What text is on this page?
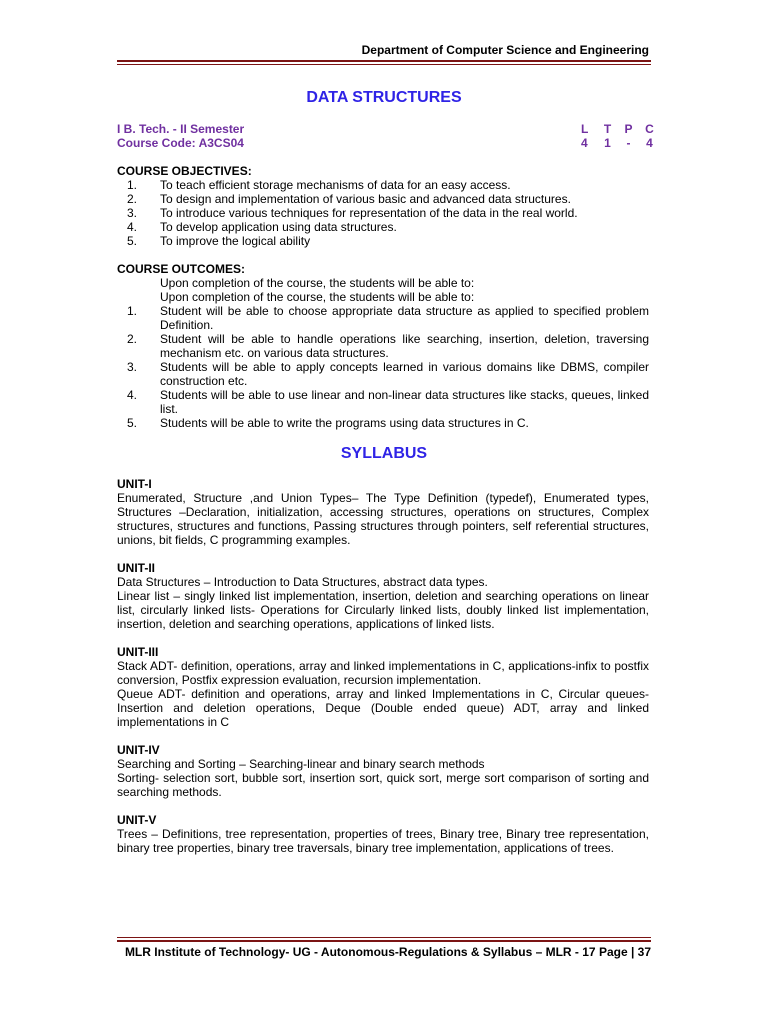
Department of Computer Science and Engineering
DATA STRUCTURES
I B. Tech. - II Semester
Course Code: A3CS04
L	T	P	C
4	1	-	4
COURSE OBJECTIVES:
1.	To teach efficient storage mechanisms of data for an easy access.
2.	To design and implementation of various basic and advanced data structures.
3.	To introduce various techniques for representation of the data in the real world.
4.	To develop application using data structures.
5.	To improve the logical ability
COURSE OUTCOMES:
Upon completion of the course, the students will be able to:
Upon completion of the course, the students will be able to:
1.	Student will be able to choose appropriate data structure as applied to specified problem Definition.
2.	Student will be able to handle operations like searching, insertion, deletion, traversing mechanism etc. on various data structures.
3.	Students will be able to apply concepts learned in various domains like DBMS, compiler construction etc.
4.	Students will be able to use linear and non-linear data structures like stacks, queues, linked list.
5.	Students will be able to write the programs using data structures in C.
SYLLABUS
UNIT-I
Enumerated, Structure ,and Union Types– The Type Definition (typedef), Enumerated types, Structures –Declaration, initialization, accessing structures, operations on structures, Complex structures, structures and functions, Passing structures through pointers, self referential structures, unions, bit fields, C programming examples.
UNIT-II
Data Structures – Introduction to Data Structures, abstract data types.
Linear list – singly linked list implementation, insertion, deletion and searching operations on linear list, circularly linked lists- Operations for Circularly linked lists, doubly linked list implementation, insertion, deletion and searching operations, applications of linked lists.
UNIT-III
Stack ADT- definition, operations, array and linked implementations in C, applications-infix to postfix conversion, Postfix expression evaluation, recursion implementation.
Queue ADT- definition and operations, array and linked Implementations in C, Circular queues-Insertion and deletion operations, Deque (Double ended queue) ADT, array and linked implementations in C
UNIT-IV
Searching and Sorting – Searching-linear and binary search methods
Sorting- selection sort, bubble sort, insertion sort, quick sort, merge sort comparison of sorting and searching methods.
UNIT-V
Trees – Definitions, tree representation, properties of trees, Binary tree, Binary tree representation, binary tree properties, binary tree traversals, binary tree implementation, applications of trees.
MLR Institute of Technology- UG - Autonomous-Regulations & Syllabus – MLR - 17 Page | 37
